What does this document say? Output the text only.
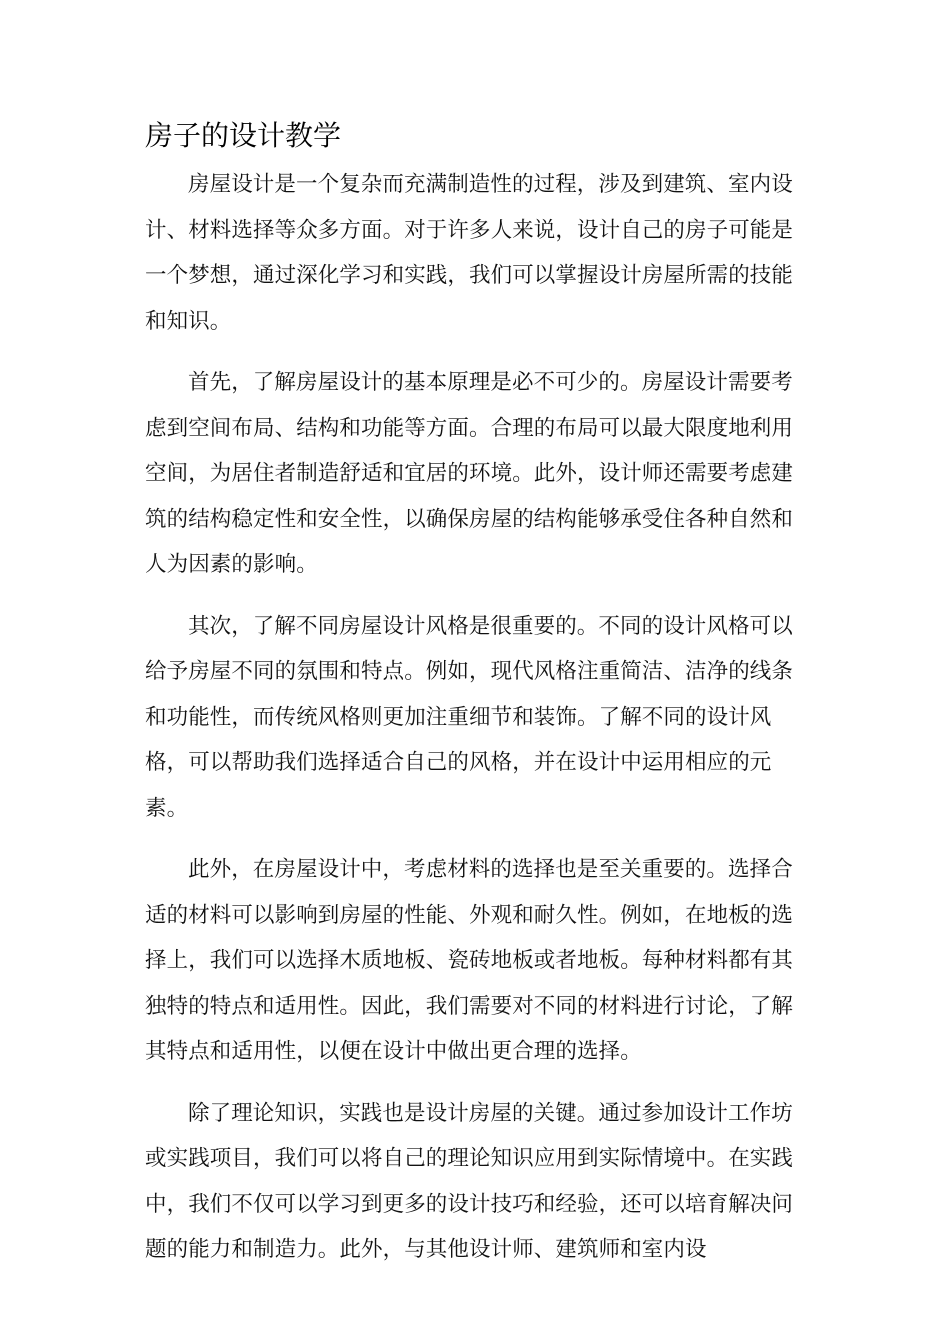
房子的设计教学

房屋设计是一个复杂而充满制造性的过程，涉及到建筑、室内设计、材料选择等众多方面。对于许多人来说，设计自己的房子可能是一个梦想，通过深化学习和实践，我们可以掌握设计房屋所需的技能和知识。

首先，了解房屋设计的基本原理是必不可少的。房屋设计需要考虑到空间布局、结构和功能等方面。合理的布局可以最大限度地利用空间，为居住者制造舒适和宜居的环境。此外，设计师还需要考虑建筑的结构稳定性和安全性，以确保房屋的结构能够承受住各种自然和人为因素的影响。

其次，了解不同房屋设计风格是很重要的。不同的设计风格可以给予房屋不同的氛围和特点。例如，现代风格注重简洁、洁净的线条和功能性，而传统风格则更加注重细节和装饰。了解不同的设计风格，可以帮助我们选择适合自己的风格，并在设计中运用相应的元素。

此外，在房屋设计中，考虑材料的选择也是至关重要的。选择合适的材料可以影响到房屋的性能、外观和耐久性。例如，在地板的选择上，我们可以选择木质地板、瓷砖地板或者地板。每种材料都有其独特的特点和适用性。因此，我们需要对不同的材料进行讨论，了解其特点和适用性，以便在设计中做出更合理的选择。

除了理论知识，实践也是设计房屋的关键。通过参加设计工作坊或实践项目，我们可以将自己的理论知识应用到实际情境中。在实践中，我们不仅可以学习到更多的设计技巧和经验，还可以培育解决问题的能力和制造力。此外，与其他设计师、建筑师和室内设
